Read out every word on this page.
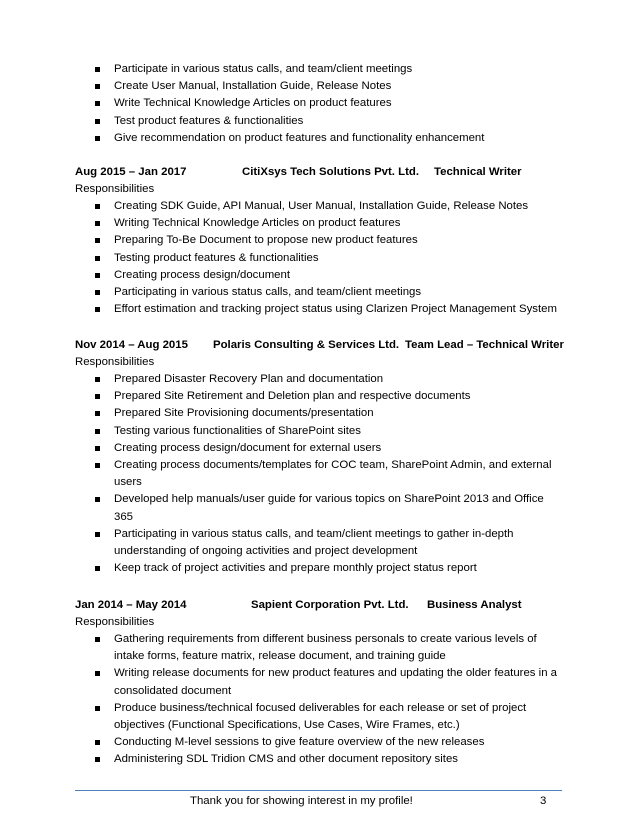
Participate in various status calls, and team/client meetings
Create User Manual, Installation Guide, Release Notes
Write Technical Knowledge Articles on product features
Test product features & functionalities
Give recommendation on product features and functionality enhancement
Aug 2015 – Jan 2017	CitiXsys Tech Solutions Pvt. Ltd. Technical Writer
Responsibilities
Creating SDK Guide, API Manual, User Manual, Installation Guide, Release Notes
Writing Technical Knowledge Articles on product features
Preparing To-Be Document to propose new product features
Testing product features & functionalities
Creating process design/document
Participating in various status calls, and team/client meetings
Effort estimation and tracking project status using Clarizen Project Management System
Nov 2014 – Aug 2015 Polaris Consulting & Services Ltd. Team Lead – Technical Writer
Responsibilities
Prepared Disaster Recovery Plan and documentation
Prepared Site Retirement and Deletion plan and respective documents
Prepared Site Provisioning documents/presentation
Testing various functionalities of SharePoint sites
Creating process design/document for external users
Creating process documents/templates for COC team, SharePoint Admin, and external users
Developed help manuals/user guide for various topics on SharePoint 2013 and Office 365
Participating in various status calls, and team/client meetings to gather in-depth understanding of ongoing activities and project development
Keep track of project activities and prepare monthly project status report
Jan 2014 – May 2014	Sapient Corporation Pvt. Ltd. Business Analyst
Responsibilities
Gathering requirements from different business personals to create various levels of intake forms, feature matrix, release document, and training guide
Writing release documents for new product features and updating the older features in a consolidated document
Produce business/technical focused deliverables for each release or set of project objectives (Functional Specifications, Use Cases, Wire Frames, etc.)
Conducting M-level sessions to give feature overview of the new releases
Administering SDL Tridion CMS and other document repository sites
Thank you for showing interest in my profile!	3
